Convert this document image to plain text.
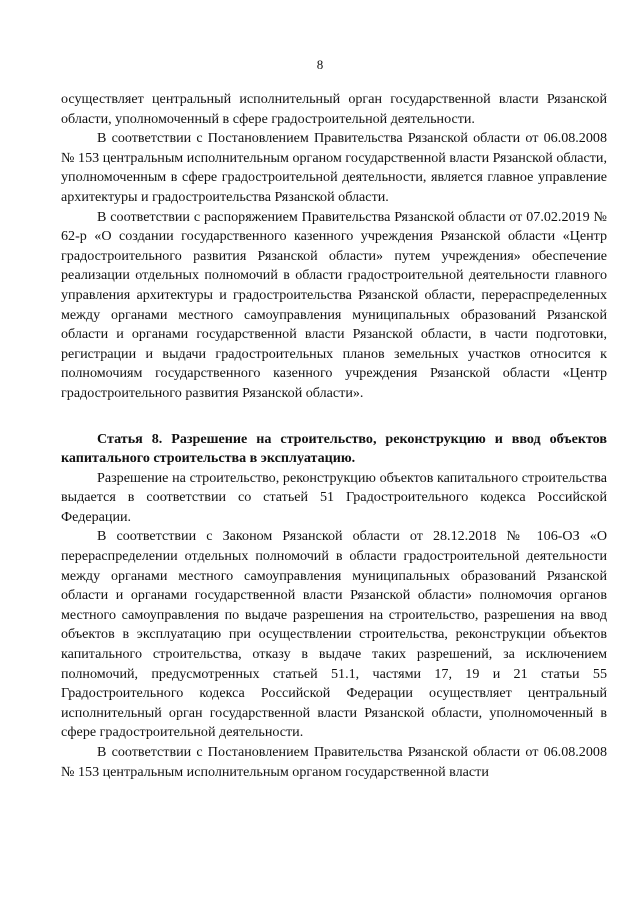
8

осуществляет центральный исполнительный орган государственной власти Рязанской области, уполномоченный в сфере градостроительной деятельности.

В соответствии с Постановлением Правительства Рязанской области от 06.08.2008 № 153 центральным исполнительным органом государственной власти Рязанской области, уполномоченным в сфере градостроительной деятельности, является главное управление архитектуры и градостроительства Рязанской области.

В соответствии с распоряжением Правительства Рязанской области от 07.02.2019 № 62-р «О создании государственного казенного учреждения Рязанской области «Центр градостроительного развития Рязанской области» путем учреждения» обеспечение реализации отдельных полномочий в области градостроительной деятельности главного управления архитектуры и градостроительства Рязанской области, перераспределенных между органами местного самоуправления муниципальных образований Рязанской области и органами государственной власти Рязанской области, в части подготовки, регистрации и выдачи градостроительных планов земельных участков относится к полномочиям государственного казенного учреждения Рязанской области «Центр градостроительного развития Рязанской области».

Статья 8. Разрешение на строительство, реконструкцию и ввод объектов капитального строительства в эксплуатацию.

Разрешение на строительство, реконструкцию объектов капитального строительства выдается в соответствии со статьей 51 Градостроительного кодекса Российской Федерации.

В соответствии с Законом Рязанской области от 28.12.2018 № 106-ОЗ «О перераспределении отдельных полномочий в области градостроительной деятельности между органами местного самоуправления муниципальных образований Рязанской области и органами государственной власти Рязанской области» полномочия органов местного самоуправления по выдаче разрешения на строительство, разрешения на ввод объектов в эксплуатацию при осуществлении строительства, реконструкции объектов капитального строительства, отказу в выдаче таких разрешений, за исключением полномочий, предусмотренных статьей 51.1, частями 17, 19 и 21 статьи 55 Градостроительного кодекса Российской Федерации осуществляет центральный исполнительный орган государственной власти Рязанской области, уполномоченный в сфере градостроительной деятельности.

В соответствии с Постановлением Правительства Рязанской области от 06.08.2008 № 153 центральным исполнительным органом государственной власти
